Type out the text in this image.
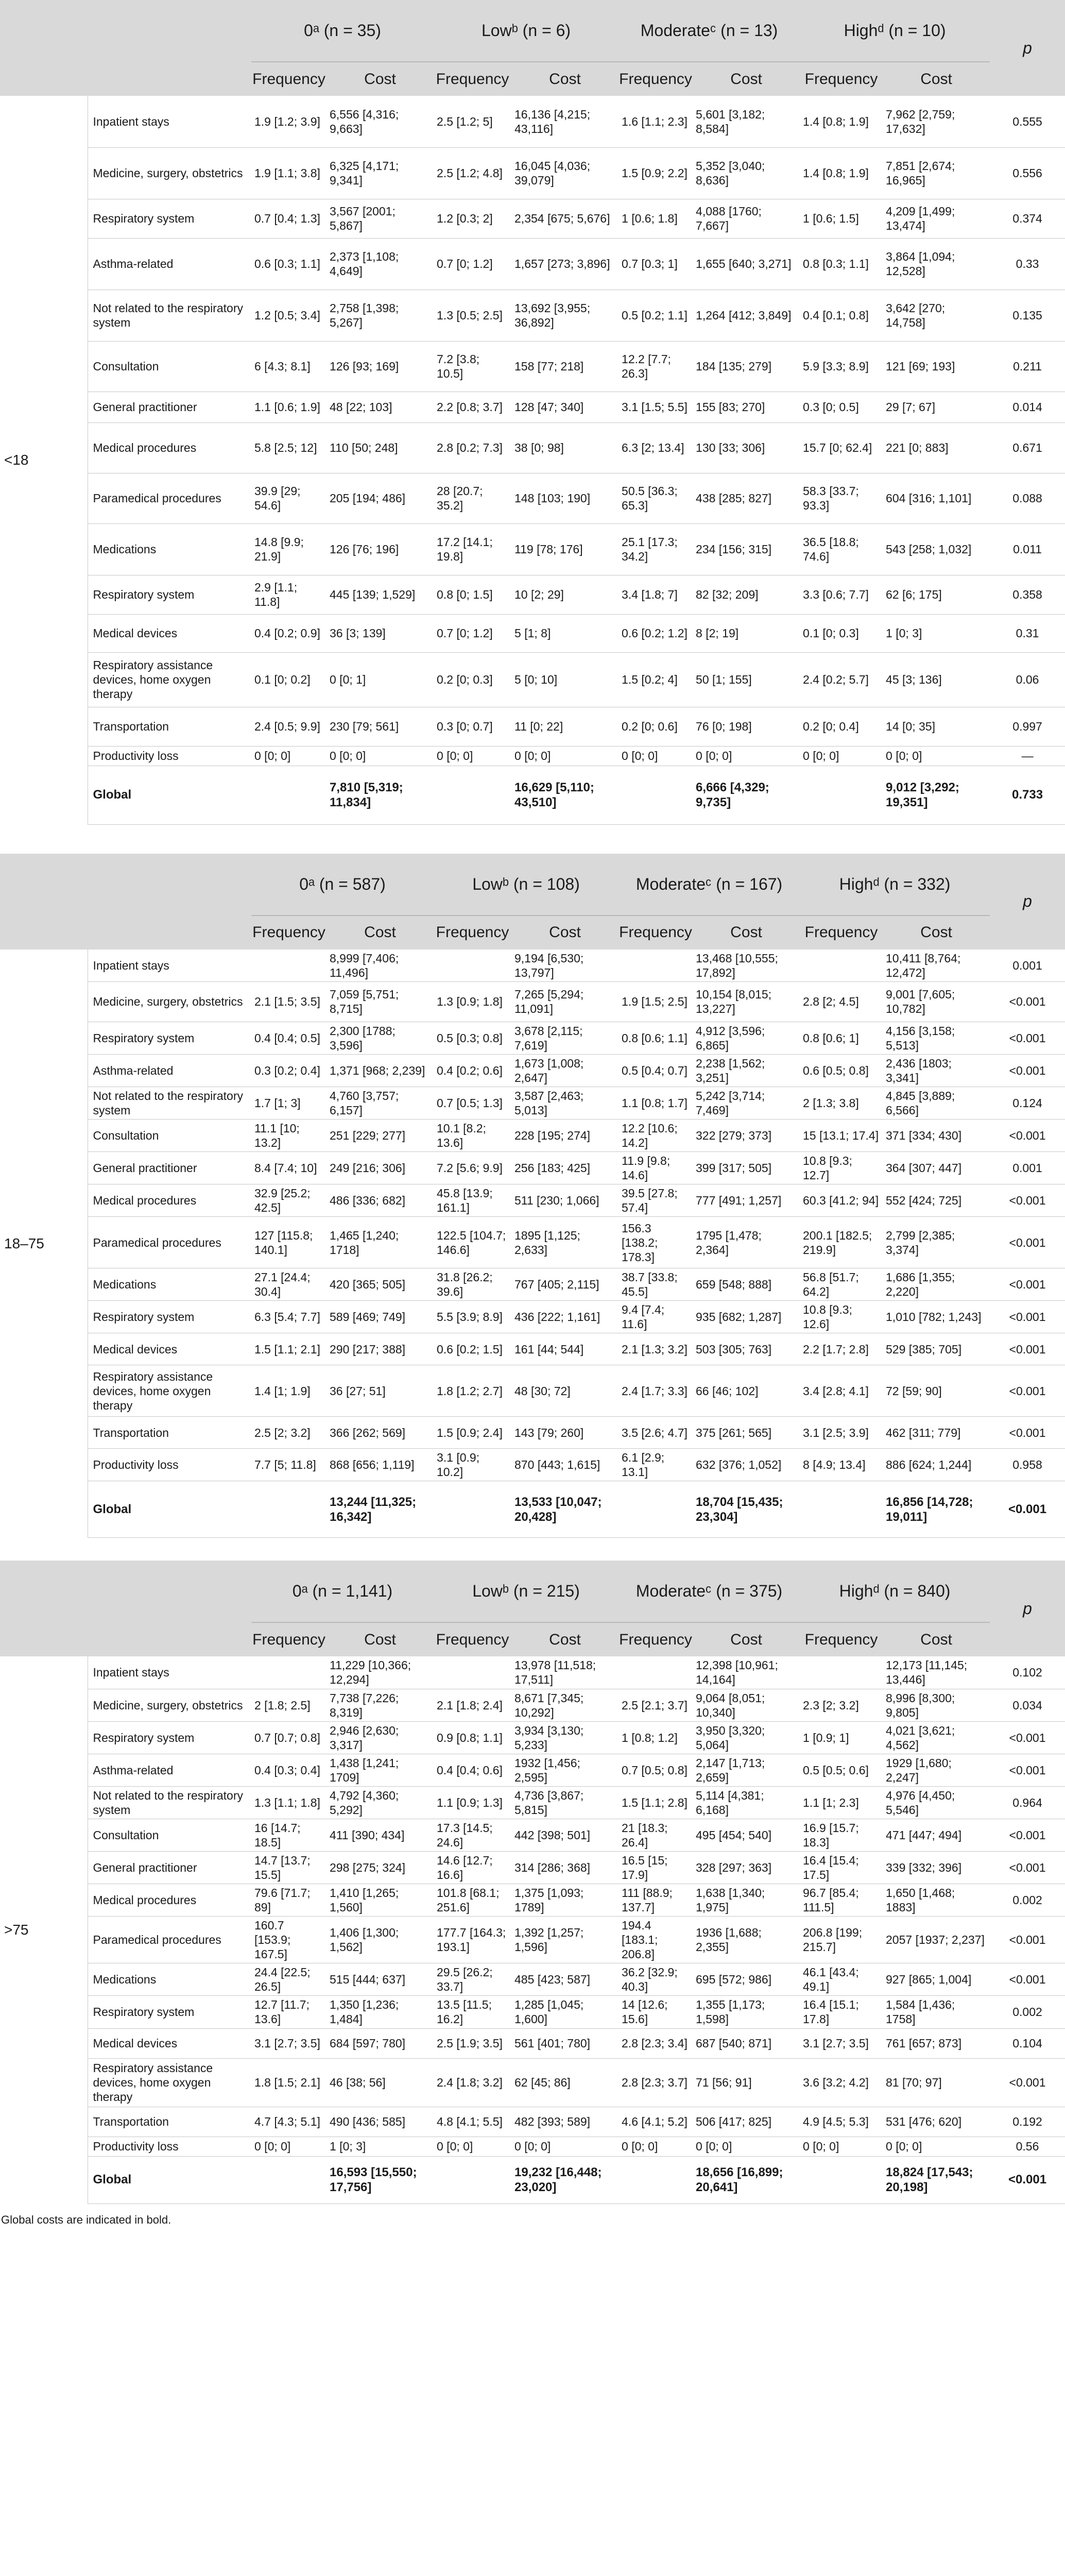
		0ᵃ (n = 35)		Lowᵇ (n = 6)		Moderateᶜ (n = 13)		Highᵈ (n = 10)		p
		Frequency	Cost	Frequency	Cost	Frequency	Cost	Frequency	Cost	
<18	Inpatient stays	1.9 [1.2; 3.9]	6,556 [4,316; 9,663]	2.5 [1.2; 5]	16,136 [4,215; 43,116]	1.6 [1.1; 2.3]	5,601 [3,182; 8,584]	1.4 [0.8; 1.9]	7,962 [2,759; 17,632]	0.555
	Medicine, surgery, obstetrics	1.9 [1.1; 3.8]	6,325 [4,171; 9,341]	2.5 [1.2; 4.8]	16,045 [4,036; 39,079]	1.5 [0.9; 2.2]	5,352 [3,040; 8,636]	1.4 [0.8; 1.9]	7,851 [2,674; 16,965]	0.556
	Respiratory system	0.7 [0.4; 1.3]	3,567 [2001; 5,867]	1.2 [0.3; 2]	2,354 [675; 5,676]	1 [0.6; 1.8]	4,088 [1760; 7,667]	1 [0.6; 1.5]	4,209 [1,499; 13,474]	0.374
	Asthma-related	0.6 [0.3; 1.1]	2,373 [1,108; 4,649]	0.7 [0; 1.2]	1,657 [273; 3,896]	0.7 [0.3; 1]	1,655 [640; 3,271]	0.8 [0.3; 1.1]	3,864 [1,094; 12,528]	0.33
	Not related to the respiratory system	1.2 [0.5; 3.4]	2,758 [1,398; 5,267]	1.3 [0.5; 2.5]	13,692 [3,955; 36,892]	0.5 [0.2; 1.1]	1,264 [412; 3,849]	0.4 [0.1; 0.8]	3,642 [270; 14,758]	0.135
	Consultation	6 [4.3; 8.1]	126 [93; 169]	7.2 [3.8; 10.5]	158 [77; 218]	12.2 [7.7; 26.3]	184 [135; 279]	5.9 [3.3; 8.9]	121 [69; 193]	0.211
	General practitioner	1.1 [0.6; 1.9]	48 [22; 103]	2.2 [0.8; 3.7]	128 [47; 340]	3.1 [1.5; 5.5]	155 [83; 270]	0.3 [0; 0.5]	29 [7; 67]	0.014
	Medical procedures	5.8 [2.5; 12]	110 [50; 248]	2.8 [0.2; 7.3]	38 [0; 98]	6.3 [2; 13.4]	130 [33; 306]	15.7 [0; 62.4]	221 [0; 883]	0.671
	Paramedical procedures	39.9 [29; 54.6]	205 [194; 486]	28 [20.7; 35.2]	148 [103; 190]	50.5 [36.3; 65.3]	438 [285; 827]	58.3 [33.7; 93.3]	604 [316; 1,101]	0.088
	Medications	14.8 [9.9; 21.9]	126 [76; 196]	17.2 [14.1; 19.8]	119 [78; 176]	25.1 [17.3; 34.2]	234 [156; 315]	36.5 [18.8; 74.6]	543 [258; 1,032]	0.011
	Respiratory system	2.9 [1.1; 11.8]	445 [139; 1,529]	0.8 [0; 1.5]	10 [2; 29]	3.4 [1.8; 7]	82 [32; 209]	3.3 [0.6; 7.7]	62 [6; 175]	0.358
	Medical devices	0.4 [0.2; 0.9]	36 [3; 139]	0.7 [0; 1.2]	5 [1; 8]	0.6 [0.2; 1.2]	8 [2; 19]	0.1 [0; 0.3]	1 [0; 3]	0.31
	Respiratory assistance devices, home oxygen therapy	0.1 [0; 0.2]	0 [0; 1]	0.2 [0; 0.3]	5 [0; 10]	1.5 [0.2; 4]	50 [1; 155]	2.4 [0.2; 5.7]	45 [3; 136]	0.06
	Transportation	2.4 [0.5; 9.9]	230 [79; 561]	0.3 [0; 0.7]	11 [0; 22]	0.2 [0; 0.6]	76 [0; 198]	0.2 [0; 0.4]	14 [0; 35]	0.997
	Productivity loss	0 [0; 0]	0 [0; 0]	0 [0; 0]	0 [0; 0]	0 [0; 0]	0 [0; 0]	0 [0; 0]	0 [0; 0]	—
	Global		7,810 [5,319; 11,834]		16,629 [5,110; 43,510]		6,666 [4,329; 9,735]		9,012 [3,292; 19,351]	0.733
		0ᵃ (n = 587)		Lowᵇ (n = 108)		Moderateᶜ (n = 167)		Highᵈ (n = 332)		p
		Frequency	Cost	Frequency	Cost	Frequency	Cost	Frequency	Cost	
18–75	Inpatient stays		8,999 [7,406; 11,496]		9,194 [6,530; 13,797]		13,468 [10,555; 17,892]		10,411 [8,764; 12,472]	0.001
	Medicine, surgery, obstetrics	2.1 [1.5; 3.5]	7,059 [5,751; 8,715]	1.3 [0.9; 1.8]	7,265 [5,294; 11,091]	1.9 [1.5; 2.5]	10,154 [8,015; 13,227]	2.8 [2; 4.5]	9,001 [7,605; 10,782]	<0.001
	Respiratory system	0.4 [0.4; 0.5]	2,300 [1788; 3,596]	0.5 [0.3; 0.8]	3,678 [2,115; 7,619]	0.8 [0.6; 1.1]	4,912 [3,596; 6,865]	0.8 [0.6; 1]	4,156 [3,158; 5,513]	<0.001
	Asthma-related	0.3 [0.2; 0.4]	1,371 [968; 2,239]	0.4 [0.2; 0.6]	1,673 [1,008; 2,647]	0.5 [0.4; 0.7]	2,238 [1,562; 3,251]	0.6 [0.5; 0.8]	2,436 [1803; 3,341]	<0.001
	Not related to the respiratory system	1.7 [1; 3]	4,760 [3,757; 6,157]	0.7 [0.5; 1.3]	3,587 [2,463; 5,013]	1.1 [0.8; 1.7]	5,242 [3,714; 7,469]	2 [1.3; 3.8]	4,845 [3,889; 6,566]	0.124
	Consultation	11.1 [10; 13.2]	251 [229; 277]	10.1 [8.2; 13.6]	228 [195; 274]	12.2 [10.6; 14.2]	322 [279; 373]	15 [13.1; 17.4]	371 [334; 430]	<0.001
	General practitioner	8.4 [7.4; 10]	249 [216; 306]	7.2 [5.6; 9.9]	256 [183; 425]	11.9 [9.8; 14.6]	399 [317; 505]	10.8 [9.3; 12.7]	364 [307; 447]	0.001
	Medical procedures	32.9 [25.2; 42.5]	486 [336; 682]	45.8 [13.9; 161.1]	511 [230; 1,066]	39.5 [27.8; 57.4]	777 [491; 1,257]	60.3 [41.2; 94]	552 [424; 725]	<0.001
	Paramedical procedures	127 [115.8; 140.1]	1,465 [1,240; 1718]	122.5 [104.7; 146.6]	1895 [1,125; 2,633]	156.3 [138.2; 178.3]	1795 [1,478; 2,364]	200.1 [182.5; 219.9]	2,799 [2,385; 3,374]	<0.001
	Medications	27.1 [24.4; 30.4]	420 [365; 505]	31.8 [26.2; 39.6]	767 [405; 2,115]	38.7 [33.8; 45.5]	659 [548; 888]	56.8 [51.7; 64.2]	1,686 [1,355; 2,220]	<0.001
	Respiratory system	6.3 [5.4; 7.7]	589 [469; 749]	5.5 [3.9; 8.9]	436 [222; 1,161]	9.4 [7.4; 11.6]	935 [682; 1,287]	10.8 [9.3; 12.6]	1,010 [782; 1,243]	<0.001
	Medical devices	1.5 [1.1; 2.1]	290 [217; 388]	0.6 [0.2; 1.5]	161 [44; 544]	2.1 [1.3; 3.2]	503 [305; 763]	2.2 [1.7; 2.8]	529 [385; 705]	<0.001
	Respiratory assistance devices, home oxygen therapy	1.4 [1; 1.9]	36 [27; 51]	1.8 [1.2; 2.7]	48 [30; 72]	2.4 [1.7; 3.3]	66 [46; 102]	3.4 [2.8; 4.1]	72 [59; 90]	<0.001
	Transportation	2.5 [2; 3.2]	366 [262; 569]	1.5 [0.9; 2.4]	143 [79; 260]	3.5 [2.6; 4.7]	375 [261; 565]	3.1 [2.5; 3.9]	462 [311; 779]	<0.001
	Productivity loss	7.7 [5; 11.8]	868 [656; 1,119]	3.1 [0.9; 10.2]	870 [443; 1,615]	6.1 [2.9; 13.1]	632 [376; 1,052]	8 [4.9; 13.4]	886 [624; 1,244]	0.958
	Global		13,244 [11,325; 16,342]		13,533 [10,047; 20,428]		18,704 [15,435; 23,304]		16,856 [14,728; 19,011]	<0.001
		0ᵃ (n = 1,141)		Lowᵇ (n = 215)		Moderateᶜ (n = 375)		Highᵈ (n = 840)		p
		Frequency	Cost	Frequency	Cost	Frequency	Cost	Frequency	Cost	
>75	Inpatient stays		11,229 [10,366; 12,294]		13,978 [11,518; 17,511]		12,398 [10,961; 14,164]		12,173 [11,145; 13,446]	0.102
	Medicine, surgery, obstetrics	2 [1.8; 2.5]	7,738 [7,226; 8,319]	2.1 [1.8; 2.4]	8,671 [7,345; 10,292]	2.5 [2.1; 3.7]	9,064 [8,051; 10,340]	2.3 [2; 3.2]	8,996 [8,300; 9,805]	0.034
	Respiratory system	0.7 [0.7; 0.8]	2,946 [2,630; 3,317]	0.9 [0.8; 1.1]	3,934 [3,130; 5,233]	1 [0.8; 1.2]	3,950 [3,320; 5,064]	1 [0.9; 1]	4,021 [3,621; 4,562]	<0.001
	Asthma-related	0.4 [0.3; 0.4]	1,438 [1,241; 1709]	0.4 [0.4; 0.6]	1932 [1,456; 2,595]	0.7 [0.5; 0.8]	2,147 [1,713; 2,659]	0.5 [0.5; 0.6]	1929 [1,680; 2,247]	<0.001
	Not related to the respiratory system	1.3 [1.1; 1.8]	4,792 [4,360; 5,292]	1.1 [0.9; 1.3]	4,736 [3,867; 5,815]	1.5 [1.1; 2.8]	5,114 [4,381; 6,168]	1.1 [1; 2.3]	4,976 [4,450; 5,546]	0.964
	Consultation	16 [14.7; 18.5]	411 [390; 434]	17.3 [14.5; 24.6]	442 [398; 501]	21 [18.3; 26.4]	495 [454; 540]	16.9 [15.7; 18.3]	471 [447; 494]	<0.001
	General practitioner	14.7 [13.7; 15.5]	298 [275; 324]	14.6 [12.7; 16.6]	314 [286; 368]	16.5 [15; 17.9]	328 [297; 363]	16.4 [15.4; 17.5]	339 [332; 396]	<0.001
	Medical procedures	79.6 [71.7; 89]	1,410 [1,265; 1,560]	101.8 [68.1; 251.6]	1,375 [1,093; 1789]	111 [88.9; 137.7]	1,638 [1,340; 1,975]	96.7 [85.4; 111.5]	1,650 [1,468; 1883]	0.002
	Paramedical procedures	160.7 [153.9; 167.5]	1,406 [1,300; 1,562]	177.7 [164.3; 193.1]	1,392 [1,257; 1,596]	194.4 [183.1; 206.8]	1936 [1,688; 2,355]	206.8 [199; 215.7]	2057 [1937; 2,237]	<0.001
	Medications	24.4 [22.5; 26.5]	515 [444; 637]	29.5 [26.2; 33.7]	485 [423; 587]	36.2 [32.9; 40.3]	695 [572; 986]	46.1 [43.4; 49.1]	927 [865; 1,004]	<0.001
	Respiratory system	12.7 [11.7; 13.6]	1,350 [1,236; 1,484]	13.5 [11.5; 16.2]	1,285 [1,045; 1,600]	14 [12.6; 15.6]	1,355 [1,173; 1,598]	16.4 [15.1; 17.8]	1,584 [1,436; 1758]	0.002
	Medical devices	3.1 [2.7; 3.5]	684 [597; 780]	2.5 [1.9; 3.5]	561 [401; 780]	2.8 [2.3; 3.4]	687 [540; 871]	3.1 [2.7; 3.5]	761 [657; 873]	0.104
	Respiratory assistance devices, home oxygen therapy	1.8 [1.5; 2.1]	46 [38; 56]	2.4 [1.8; 3.2]	62 [45; 86]	2.8 [2.3; 3.7]	71 [56; 91]	3.6 [3.2; 4.2]	81 [70; 97]	<0.001
	Transportation	4.7 [4.3; 5.1]	490 [436; 585]	4.8 [4.1; 5.5]	482 [393; 589]	4.6 [4.1; 5.2]	506 [417; 825]	4.9 [4.5; 5.3]	531 [476; 620]	0.192
	Productivity loss	0 [0; 0]	1 [0; 3]	0 [0; 0]	0 [0; 0]	0 [0; 0]	0 [0; 0]	0 [0; 0]	0 [0; 0]	0.56
	Global		16,593 [15,550; 17,756]		19,232 [16,448; 23,020]		18,656 [16,899; 20,641]		18,824 [17,543; 20,198]	<0.001
Global costs are indicated in bold.
